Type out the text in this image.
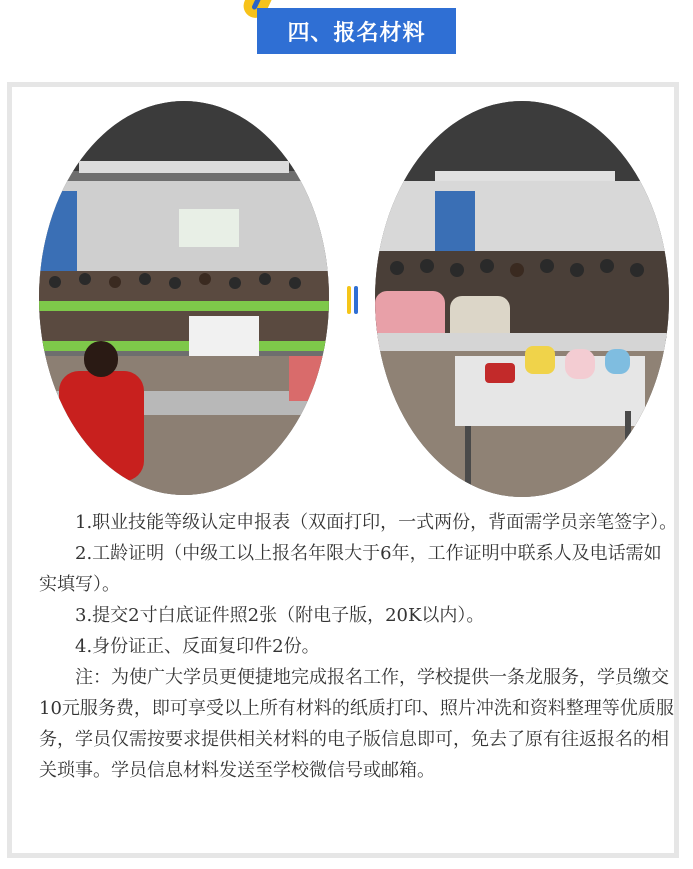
四、报名材料

1.职业技能等级认定申报表（双面打印，一式两份，背面需学员亲笔签字）。

2.工龄证明（中级工以上报名年限大于6年，工作证明中联系人及电话需如实填写）。

3.提交2寸白底证件照2张（附电子版，20K以内）。

4.身份证正、反面复印件2份。

注：为使广大学员更便捷地完成报名工作，学校提供一条龙服务，学员缴交10元服务费，即可享受以上所有材料的纸质打印、照片冲洗和资料整理等优质服务，学员仅需按要求提供相关材料的电子版信息即可，免去了原有往返报名的相关琐事。学员信息材料发送至学校微信号或邮箱。
